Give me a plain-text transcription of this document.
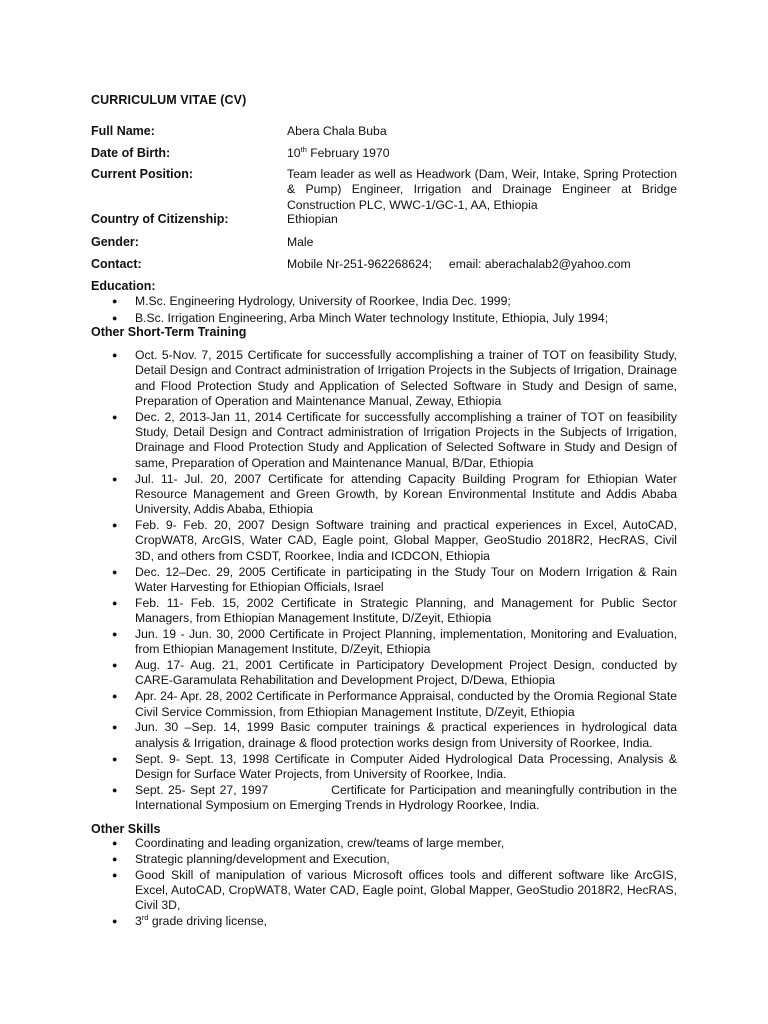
CURRICULUM VITAE (CV)
Full Name:	Abera Chala Buba
Date of Birth:	10th February 1970
Current Position:	Team leader as well as Headwork (Dam, Weir, Intake, Spring Protection & Pump) Engineer, Irrigation and Drainage Engineer at Bridge Construction PLC, WWC-1/GC-1, AA, Ethiopia
Country of Citizenship:	Ethiopian
Gender:	Male
Contact:	Mobile Nr-251-962268624;     email: aberachalab2@yahoo.com
Education:
● M.Sc. Engineering Hydrology, University of Roorkee, India Dec. 1999;
● B.Sc. Irrigation Engineering, Arba Minch Water technology Institute, Ethiopia, July 1994;
Other Short-Term Training
● Oct. 5-Nov. 7, 2015 Certificate for successfully accomplishing a trainer of TOT on feasibility Study, Detail Design and Contract administration of Irrigation Projects in the Subjects of Irrigation, Drainage and Flood Protection Study and Application of Selected Software in Study and Design of same, Preparation of Operation and Maintenance Manual, Zeway, Ethiopia
● Dec. 2, 2013-Jan 11, 2014 Certificate for successfully accomplishing a trainer of TOT on feasibility Study, Detail Design and Contract administration of Irrigation Projects in the Subjects of Irrigation, Drainage and Flood Protection Study and Application of Selected Software in Study and Design of same, Preparation of Operation and Maintenance Manual, B/Dar, Ethiopia
● Jul. 11- Jul. 20, 2007 Certificate for attending Capacity Building Program for Ethiopian Water Resource Management and Green Growth, by Korean Environmental Institute and Addis Ababa University, Addis Ababa, Ethiopia
● Feb. 9- Feb. 20, 2007 Design Software training and practical experiences in Excel, AutoCAD, CropWAT8, ArcGIS, Water CAD, Eagle point, Global Mapper, GeoStudio 2018R2, HecRAS, Civil 3D, and others from CSDT, Roorkee, India and ICDCON, Ethiopia
● Dec. 12–Dec. 29, 2005 Certificate in participating in the Study Tour on Modern Irrigation & Rain Water Harvesting for Ethiopian Officials, Israel
● Feb. 11- Feb. 15, 2002 Certificate in Strategic Planning, and Management for Public Sector Managers, from Ethiopian Management Institute, D/Zeyit, Ethiopia
● Jun. 19 - Jun. 30, 2000 Certificate in Project Planning, implementation, Monitoring and Evaluation, from Ethiopian Management Institute, D/Zeyit, Ethiopia
● Aug. 17- Aug. 21, 2001 Certificate in Participatory Development Project Design, conducted by CARE-Garamulata Rehabilitation and Development Project, D/Dewa, Ethiopia
● Apr. 24- Apr. 28, 2002 Certificate in Performance Appraisal, conducted by the Oromia Regional State Civil Service Commission, from Ethiopian Management Institute, D/Zeyit, Ethiopia
● Jun. 30 –Sep. 14, 1999 Basic computer trainings & practical experiences in hydrological data analysis & Irrigation, drainage & flood protection works design from University of Roorkee, India.
● Sept. 9- Sept. 13, 1998 Certificate in Computer Aided Hydrological Data Processing, Analysis & Design for Surface Water Projects, from University of Roorkee, India.
● Sept. 25- Sept 27, 1997              Certificate for Participation and meaningfully contribution in the International Symposium on Emerging Trends in Hydrology Roorkee, India.
Other Skills
● Coordinating and leading organization, crew/teams of large member,
● Strategic planning/development and Execution,
● Good Skill of manipulation of various Microsoft offices tools and different software like ArcGIS, Excel, AutoCAD, CropWAT8, Water CAD, Eagle point, Global Mapper, GeoStudio 2018R2, HecRAS, Civil 3D,
● 3rd grade driving license,
